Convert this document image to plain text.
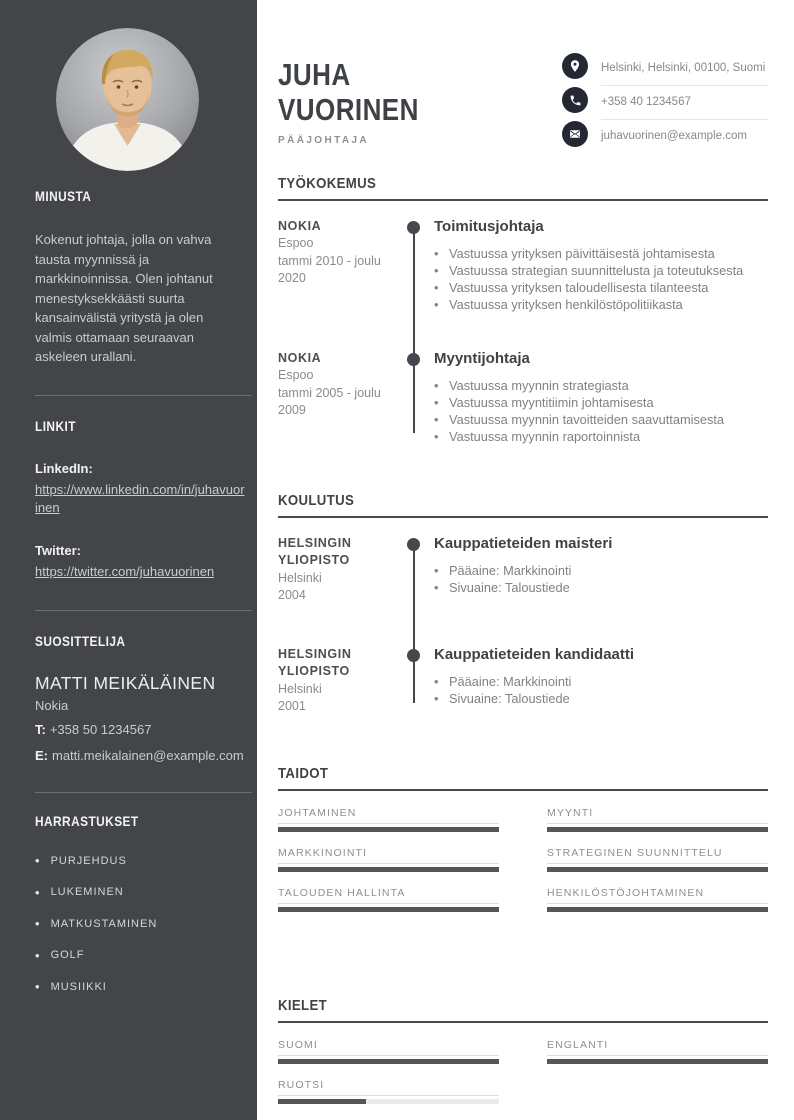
MINUSTA

Kokenut johtaja, jolla on vahva tausta myynnissä ja markkinoinnissa. Olen johtanut menestyksekkäästi suurta kansainvälistä yritystä ja olen valmis ottamaan seuraavan askeleen urallani.

LINKIT
LinkedIn:
https://www.linkedin.com/in/juhavuorinen
Twitter:
https://twitter.com/juhavuorinen
SUOSITTELIJA
MATTI MEIKÄLÄINEN
Nokia
T: +358 50 1234567
E: matti.meikalainen@example.com
HARRASTUKSET
• PURJEHDUS
• LUKEMINEN
• MATKUSTAMINEN
• GOLF
• MUSIIKKI
JUHA
VUORINEN
PÄÄJOHTAJA
Helsinki, Helsinki, 00100, Suomi
+358 40 1234567
juhavuorinen@example.com
TYÖKOKEMUS
NOKIA
Espoo
tammi 2010 - joulu 2020
Toimitusjohtaja
• Vastuussa yrityksen päivittäisestä johtamisesta
• Vastuussa strategian suunnittelusta ja toteutuksesta
• Vastuussa yrityksen taloudellisesta tilanteesta
• Vastuussa yrityksen henkilöstöpolitiikasta
NOKIA
Espoo
tammi 2005 - joulu 2009
Myyntijohtaja
• Vastuussa myynnin strategiasta
• Vastuussa myyntitiimin johtamisesta
• Vastuussa myynnin tavoitteiden saavuttamisesta
• Vastuussa myynnin raportoinnista
KOULUTUS
HELSINGIN YLIOPISTO
Helsinki
2004
Kauppatieteiden maisteri
• Pääaine: Markkinointi
• Sivuaine: Taloustiede
HELSINGIN YLIOPISTO
Helsinki
2001
Kauppatieteiden kandidaatti
• Pääaine: Markkinointi
• Sivuaine: Taloustiede
TAIDOT
JOHTAMINEN	MYYNTI
MARKKINOINTI	STRATEGINEN SUUNNITTELU
TALOUDEN HALLINTA	HENKILÖSTÖJOHTAMINEN
KIELET
SUOMI	ENGLANTI
RUOTSI
